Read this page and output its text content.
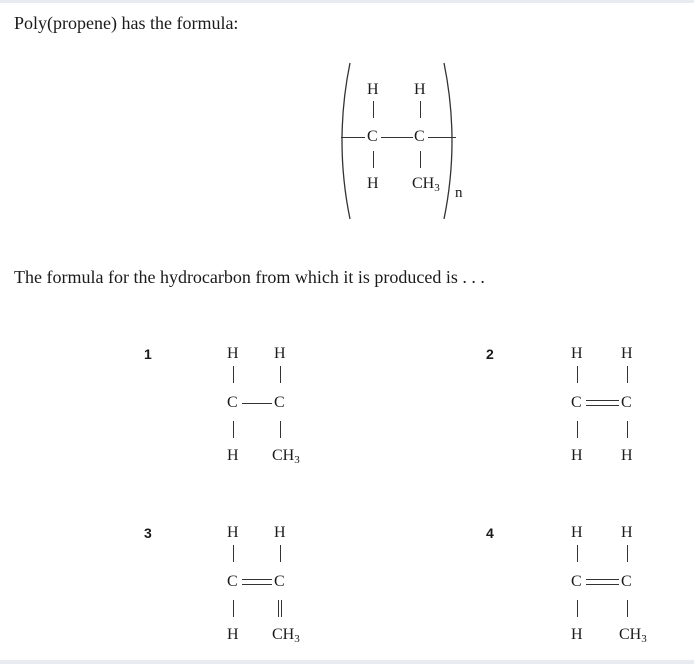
Poly(propene) has the formula:
H H
C C
H $CH_3$ n
The formula for the hydrocarbon from which it is produced is . . .
1	H H
C C
H $CH_3$
2	H H
C C
H H
3	H H
C C
H $CH_3$
4	H H
C C
H $CH_3$
